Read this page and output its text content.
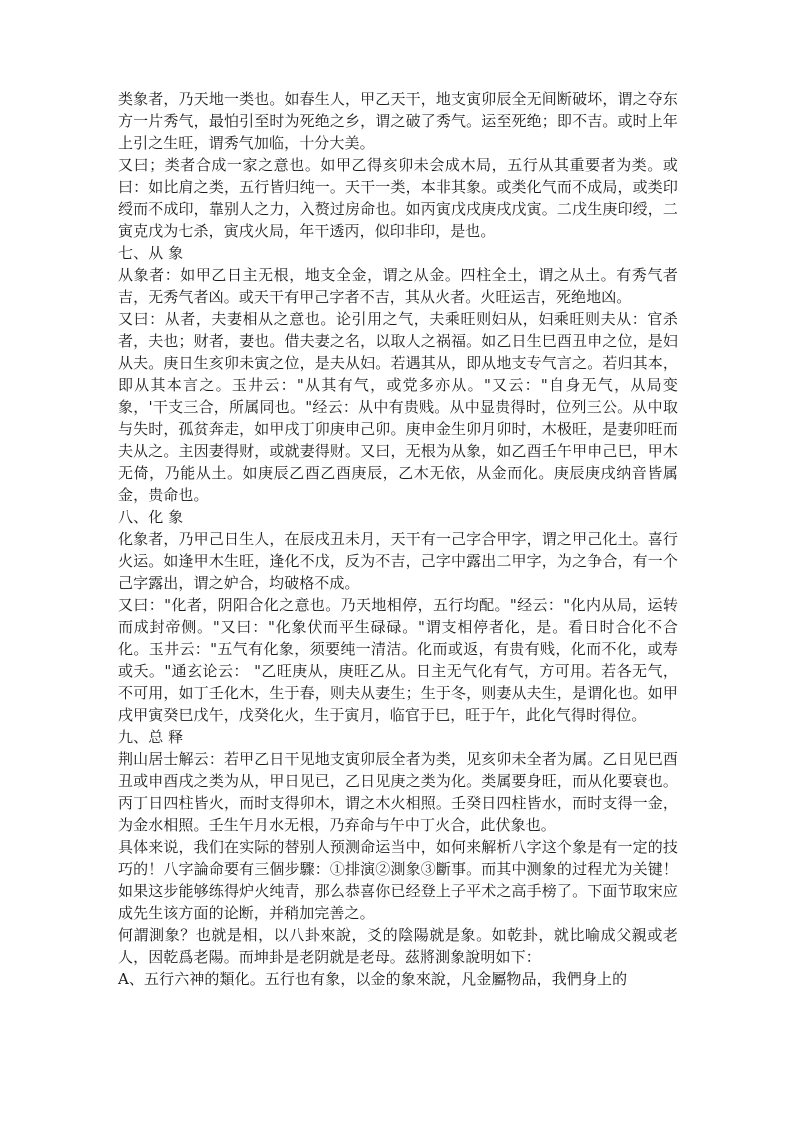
类象者，乃天地一类也。如春生人，甲乙天干，地支寅卯辰全无间断破坏，谓之夺东方一片秀气，最怕引至时为死绝之乡，谓之破了秀气。运至死绝；即不吉。或时上年上引之生旺，谓秀气加临，十分大美。

又曰；类者合成一家之意也。如甲乙得亥卯未会成木局，五行从其重要者为类。或曰：如比肩之类，五行皆归纯一。天干一类，本非其象。或类化气而不成局，或类印绶而不成印，靠别人之力，入赘过房命也。如丙寅戊戌庚戌戊寅。二戊生庚印绶，二寅克戊为七杀，寅戌火局，年干透丙，似印非印，是也。

七、从 象

从象者：如甲乙日主无根，地支全金，谓之从金。四柱全土，谓之从土。有秀气者吉，无秀气者凶。或天干有甲己字者不吉，其从火者。火旺运吉，死绝地凶。

又曰：从者，夫妻相从之意也。论引用之气，夫乘旺则妇从，妇乘旺则夫从：官杀者，夫也；财者，妻也。借夫妻之名，以取人之祸福。如乙日生巳酉丑申之位，是妇从夫。庚日生亥卯未寅之位，是夫从妇。若遇其从，即从地支专气言之。若归其本，即从其本言之。玉井云："从其有气，或党多亦从。"又云："自身无气，从局变象，'干支三合，所属同也。"经云：从中有贵贱。从中显贵得时，位列三公。从中取与失时，孤贫奔走，如甲戌丁卯庚申己卯。庚申金生卯月卯时，木极旺，是妻卯旺而夫从之。主因妻得财，或就妻得财。又曰，无根为从象，如乙酉壬午甲申己巳，甲木无倚，乃能从土。如庚辰乙酉乙酉庚辰，乙木无依，从金而化。庚辰庚戌纳音皆属金，贵命也。

八、化 象

化象者，乃甲己日生人，在辰戌丑未月，天干有一己字合甲字，谓之甲己化土。喜行火运。如逢甲木生旺，逢化不戊，反为不吉，己字中露出二甲字，为之争合，有一个己字露出，谓之妒合，均破格不成。

又曰："化者，阴阳合化之意也。乃天地相停，五行均配。"经云："化内从局，运转而成封帝侧。"又曰："化象伏而平生碌碌。"谓支相停者化，是。看日时合化不合化。玉井云："五气有化象，须要纯一清洁。化而或返，有贵有贱，化而不化，或寿或夭。"通玄论云： "乙旺庚从，庚旺乙从。日主无气化有气，方可用。若各无气，不可用，如丁壬化木，生于春，则夫从妻生；生于冬，则妻从夫生，是谓化也。如甲戌甲寅癸巳戊午，戊癸化火，生于寅月，临官于巳，旺于午，此化气得时得位。

九、总 释

荆山居士解云：若甲乙日干见地支寅卯辰全者为类，见亥卯未全者为属。乙日见巳酉丑或申酉戌之类为从，甲日见已，乙日见庚之类为化。类属要身旺，而从化要衰也。丙丁日四柱皆火，而时支得卯木，谓之木火相照。壬癸日四柱皆水，而时支得一金，为金水相照。壬生午月水无根，乃弃命与午中丁火合，此伏象也。

具体来说，我们在实际的替别人预测命运当中，如何来解析八字这个象是有一定的技巧的！八字論命要有三個步驟：①排演②測象③斷事。而其中测象的过程尤为关键！如果这步能够练得炉火纯青，那么恭喜你已经登上子平术之高手榜了。下面节取宋应成先生该方面的论断，并稍加完善之。

何謂測象？也就是相，以八卦來說，爻的陰陽就是象。如乾卦，就比喻成父親或老人，因乾爲老陽。而坤卦是老阴就是老母。茲將測象說明如下：

A、五行六神的類化。五行也有象，以金的象來說，凡金屬物品，我們身上的
